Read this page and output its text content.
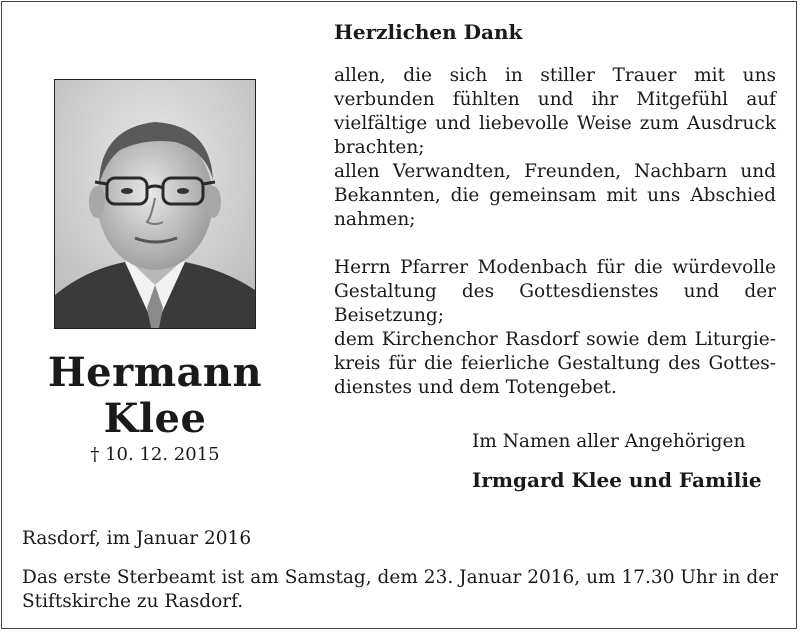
Hermann
Klee
† 10. 12. 2015
Herzlichen Dank
allen, die sich in stiller Trauer mit uns verbunden fühlten und ihr Mitgefühl auf vielfältige und liebevolle Weise zum Ausdruck brachten;
allen Verwandten, Freunden, Nachbarn und Bekannten, die gemeinsam mit uns Abschied nahmen;
Herrn Pfarrer Modenbach für die würdevolle Gestaltung des Gottesdienstes und der Beisetzung;
dem Kirchenchor Rasdorf sowie dem Liturgiekreis für die feierliche Gestaltung des Gottesdienstes und dem Totengebet.
Im Namen aller Angehörigen
Irmgard Klee und Familie
Rasdorf, im Januar 2016
Das erste Sterbeamt ist am Samstag, dem 23. Januar 2016, um 17.30 Uhr in der Stiftskirche zu Rasdorf.
